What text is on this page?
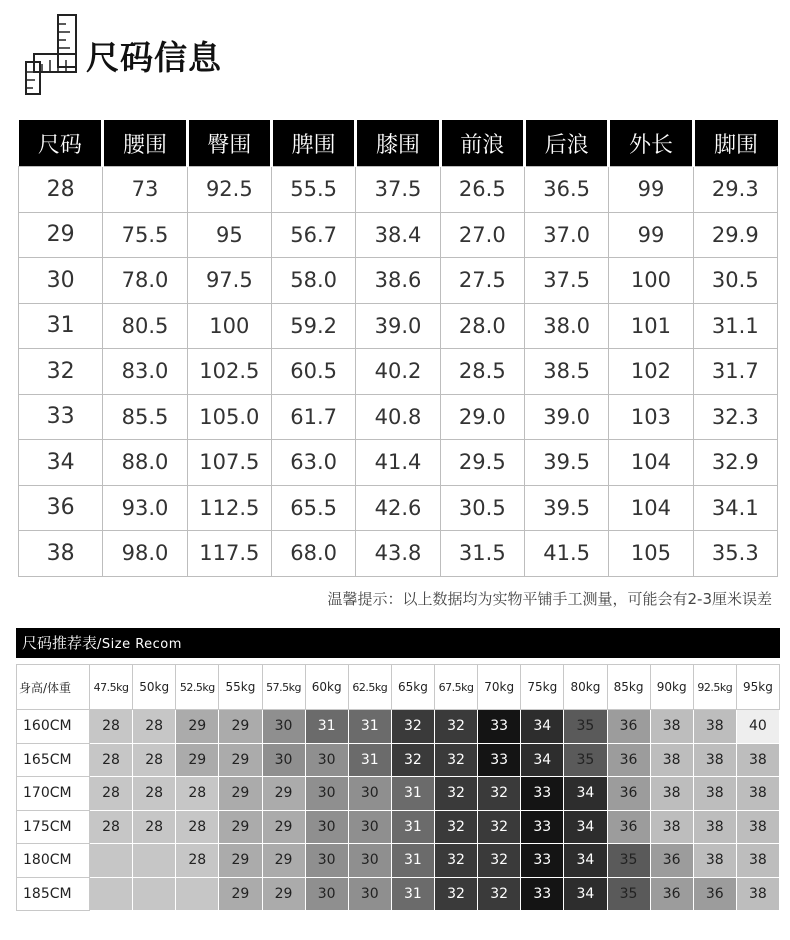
尺码信息
尺码	腰围	臀围	脾围	膝围	前浪	后浪	外长	脚围
28	73	92.5	55.5	37.5	26.5	36.5	99	29.3
29	75.5	95	56.7	38.4	27.0	37.0	99	29.9
30	78.0	97.5	58.0	38.6	27.5	37.5	100	30.5
31	80.5	100	59.2	39.0	28.0	38.0	101	31.1
32	83.0	102.5	60.5	40.2	28.5	38.5	102	31.7
33	85.5	105.0	61.7	40.8	29.0	39.0	103	32.3
34	88.0	107.5	63.0	41.4	29.5	39.5	104	32.9
36	93.0	112.5	65.5	42.6	30.5	39.5	104	34.1
38	98.0	117.5	68.0	43.8	31.5	41.5	105	35.3
温馨提示：以上数据均为实物平铺手工测量，可能会有2-3厘米误差
尺码推荐表/Size Recom
身高/体重	47.5kg	50kg	52.5kg	55kg	57.5kg	60kg	62.5kg	65kg	67.5kg	70kg	75kg	80kg	85kg	90kg	92.5kg	95kg
160CM	28	28	29	29	30	31	31	32	32	33	34	35	36	38	38	40
165CM	28	28	29	29	30	30	31	32	32	33	34	35	36	38	38	38
170CM	28	28	28	29	29	30	30	31	32	32	33	34	36	38	38	38
175CM	28	28	28	29	29	30	30	31	32	32	33	34	36	38	38	38
180CM			28	29	29	30	30	31	32	32	33	34	35	36	38	38
185CM				29	29	30	30	31	32	32	33	34	35	36	36	38
